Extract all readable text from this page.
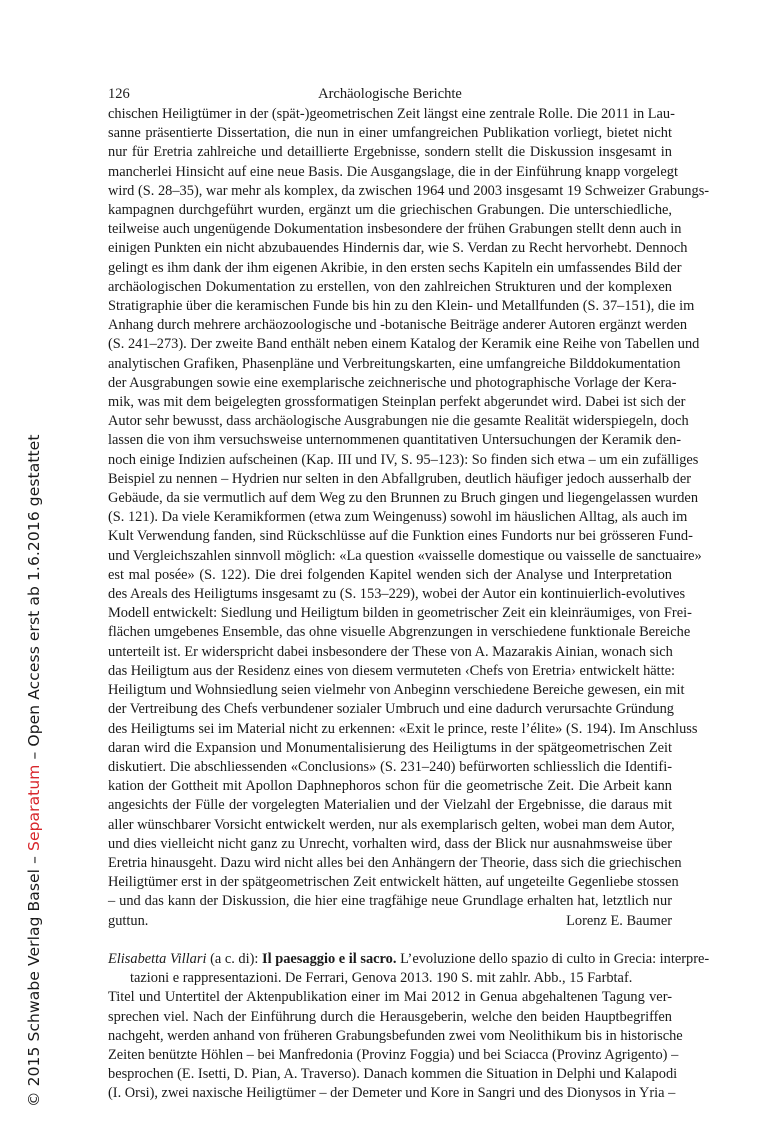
126	Archäologische Berichte
chischen Heiligtümer in der (spät-)geometrischen Zeit längst eine zentrale Rolle. Die 2011 in Lau-
sanne präsentierte Dissertation, die nun in einer umfangreichen Publikation vorliegt, bietet nicht
nur für Eretria zahlreiche und detaillierte Ergebnisse, sondern stellt die Diskussion insgesamt in
mancherlei Hinsicht auf eine neue Basis. Die Ausgangslage, die in der Einführung knapp vorgelegt
wird (S. 28–35), war mehr als komplex, da zwischen 1964 und 2003 insgesamt 19 Schweizer Grabungs-
kampagnen durchgeführt wurden, ergänzt um die griechischen Grabungen. Die unterschiedliche,
teilweise auch ungenügende Dokumentation insbesondere der frühen Grabungen stellt denn auch in
einigen Punkten ein nicht abzubauendes Hindernis dar, wie S. Verdan zu Recht hervorhebt. Dennoch
gelingt es ihm dank der ihm eigenen Akribie, in den ersten sechs Kapiteln ein umfassendes Bild der
archäologischen Dokumentation zu erstellen, von den zahlreichen Strukturen und der komplexen
Stratigraphie über die keramischen Funde bis hin zu den Klein- und Metallfunden (S. 37–151), die im
Anhang durch mehrere archäozoologische und -botanische Beiträge anderer Autoren ergänzt werden
(S. 241–273). Der zweite Band enthält neben einem Katalog der Keramik eine Reihe von Tabellen und
analytischen Grafiken, Phasenpläne und Verbreitungskarten, eine umfangreiche Bilddokumentation
der Ausgrabungen sowie eine exemplarische zeichnerische und photographische Vorlage der Kera-
mik, was mit dem beigelegten grossformatigen Steinplan perfekt abgerundet wird. Dabei ist sich der
Autor sehr bewusst, dass archäologische Ausgrabungen nie die gesamte Realität widerspiegeln, doch
lassen die von ihm versuchsweise unternommenen quantitativen Untersuchungen der Keramik den-
noch einige Indizien aufscheinen (Kap. III und IV, S. 95–123): So finden sich etwa – um ein zufälliges
Beispiel zu nennen – Hydrien nur selten in den Abfallgruben, deutlich häufiger jedoch ausserhalb der
Gebäude, da sie vermutlich auf dem Weg zu den Brunnen zu Bruch gingen und liegengelassen wurden
(S. 121). Da viele Keramikformen (etwa zum Weingenuss) sowohl im häuslichen Alltag, als auch im
Kult Verwendung fanden, sind Rückschlüsse auf die Funktion eines Fundorts nur bei grösseren Fund-
und Vergleichszahlen sinnvoll möglich: «La question «vaisselle domestique ou vaisselle de sanctuaire»
est mal posée» (S. 122). Die drei folgenden Kapitel wenden sich der Analyse und Interpretation
des Areals des Heiligtums insgesamt zu (S. 153–229), wobei der Autor ein kontinuierlich-evolutives
Modell entwickelt: Siedlung und Heiligtum bilden in geometrischer Zeit ein kleinräumiges, von Frei-
flächen umgebenes Ensemble, das ohne visuelle Abgrenzungen in verschiedene funktionale Bereiche
unterteilt ist. Er widerspricht dabei insbesondere der These von A. Mazarakis Ainian, wonach sich
das Heiligtum aus der Residenz eines von diesem vermuteten ‹Chefs von Eretria› entwickelt hätte:
Heiligtum und Wohnsiedlung seien vielmehr von Anbeginn verschiedene Bereiche gewesen, ein mit
der Vertreibung des Chefs verbundener sozialer Umbruch und eine dadurch verursachte Gründung
des Heiligtums sei im Material nicht zu erkennen: «Exit le prince, reste l’élite» (S. 194). Im Anschluss
daran wird die Expansion und Monumentalisierung des Heiligtums in der spätgeometrischen Zeit
diskutiert. Die abschliessenden «Conclusions» (S. 231–240) befürworten schliesslich die Identifi-
kation der Gottheit mit Apollon Daphnephoros schon für die geometrische Zeit. Die Arbeit kann
angesichts der Fülle der vorgelegten Materialien und der Vielzahl der Ergebnisse, die daraus mit
aller wünschbarer Vorsicht entwickelt werden, nur als exemplarisch gelten, wobei man dem Autor,
und dies vielleicht nicht ganz zu Unrecht, vorhalten wird, dass der Blick nur ausnahmsweise über
Eretria hinausgeht. Dazu wird nicht alles bei den Anhängern der Theorie, dass sich die griechischen
Heiligtümer erst in der spätgeometrischen Zeit entwickelt hätten, auf ungeteilte Gegenliebe stossen
– und das kann der Diskussion, die hier eine tragfähige neue Grundlage erhalten hat, letztlich nur
guttun.	Lorenz E. Baumer
Elisabetta Villari (a c. di): Il paesaggio e il sacro. L’evoluzione dello spazio di culto in Grecia: interpre-
tazioni e rappresentazioni. De Ferrari, Genova 2013. 190 S. mit zahlr. Abb., 15 Farbtaf.
Titel und Untertitel der Aktenpublikation einer im Mai 2012 in Genua abgehaltenen Tagung ver-
sprechen viel. Nach der Einführung durch die Herausgeberin, welche den beiden Hauptbegriffen
nachgeht, werden anhand von früheren Grabungsbefunden zwei vom Neolithikum bis in historische
Zeiten benützte Höhlen – bei Manfredonia (Provinz Foggia) und bei Sciacca (Provinz Agrigento) –
besprochen (E. Isetti, D. Pian, A. Traverso). Danach kommen die Situation in Delphi und Kalapodi
(I. Orsi), zwei naxische Heiligtümer – der Demeter und Kore in Sangri und des Dionysos in Yria –
© 2015 Schwabe Verlag Basel – Separatum – Open Access erst ab 1.6.2016 gestattet
